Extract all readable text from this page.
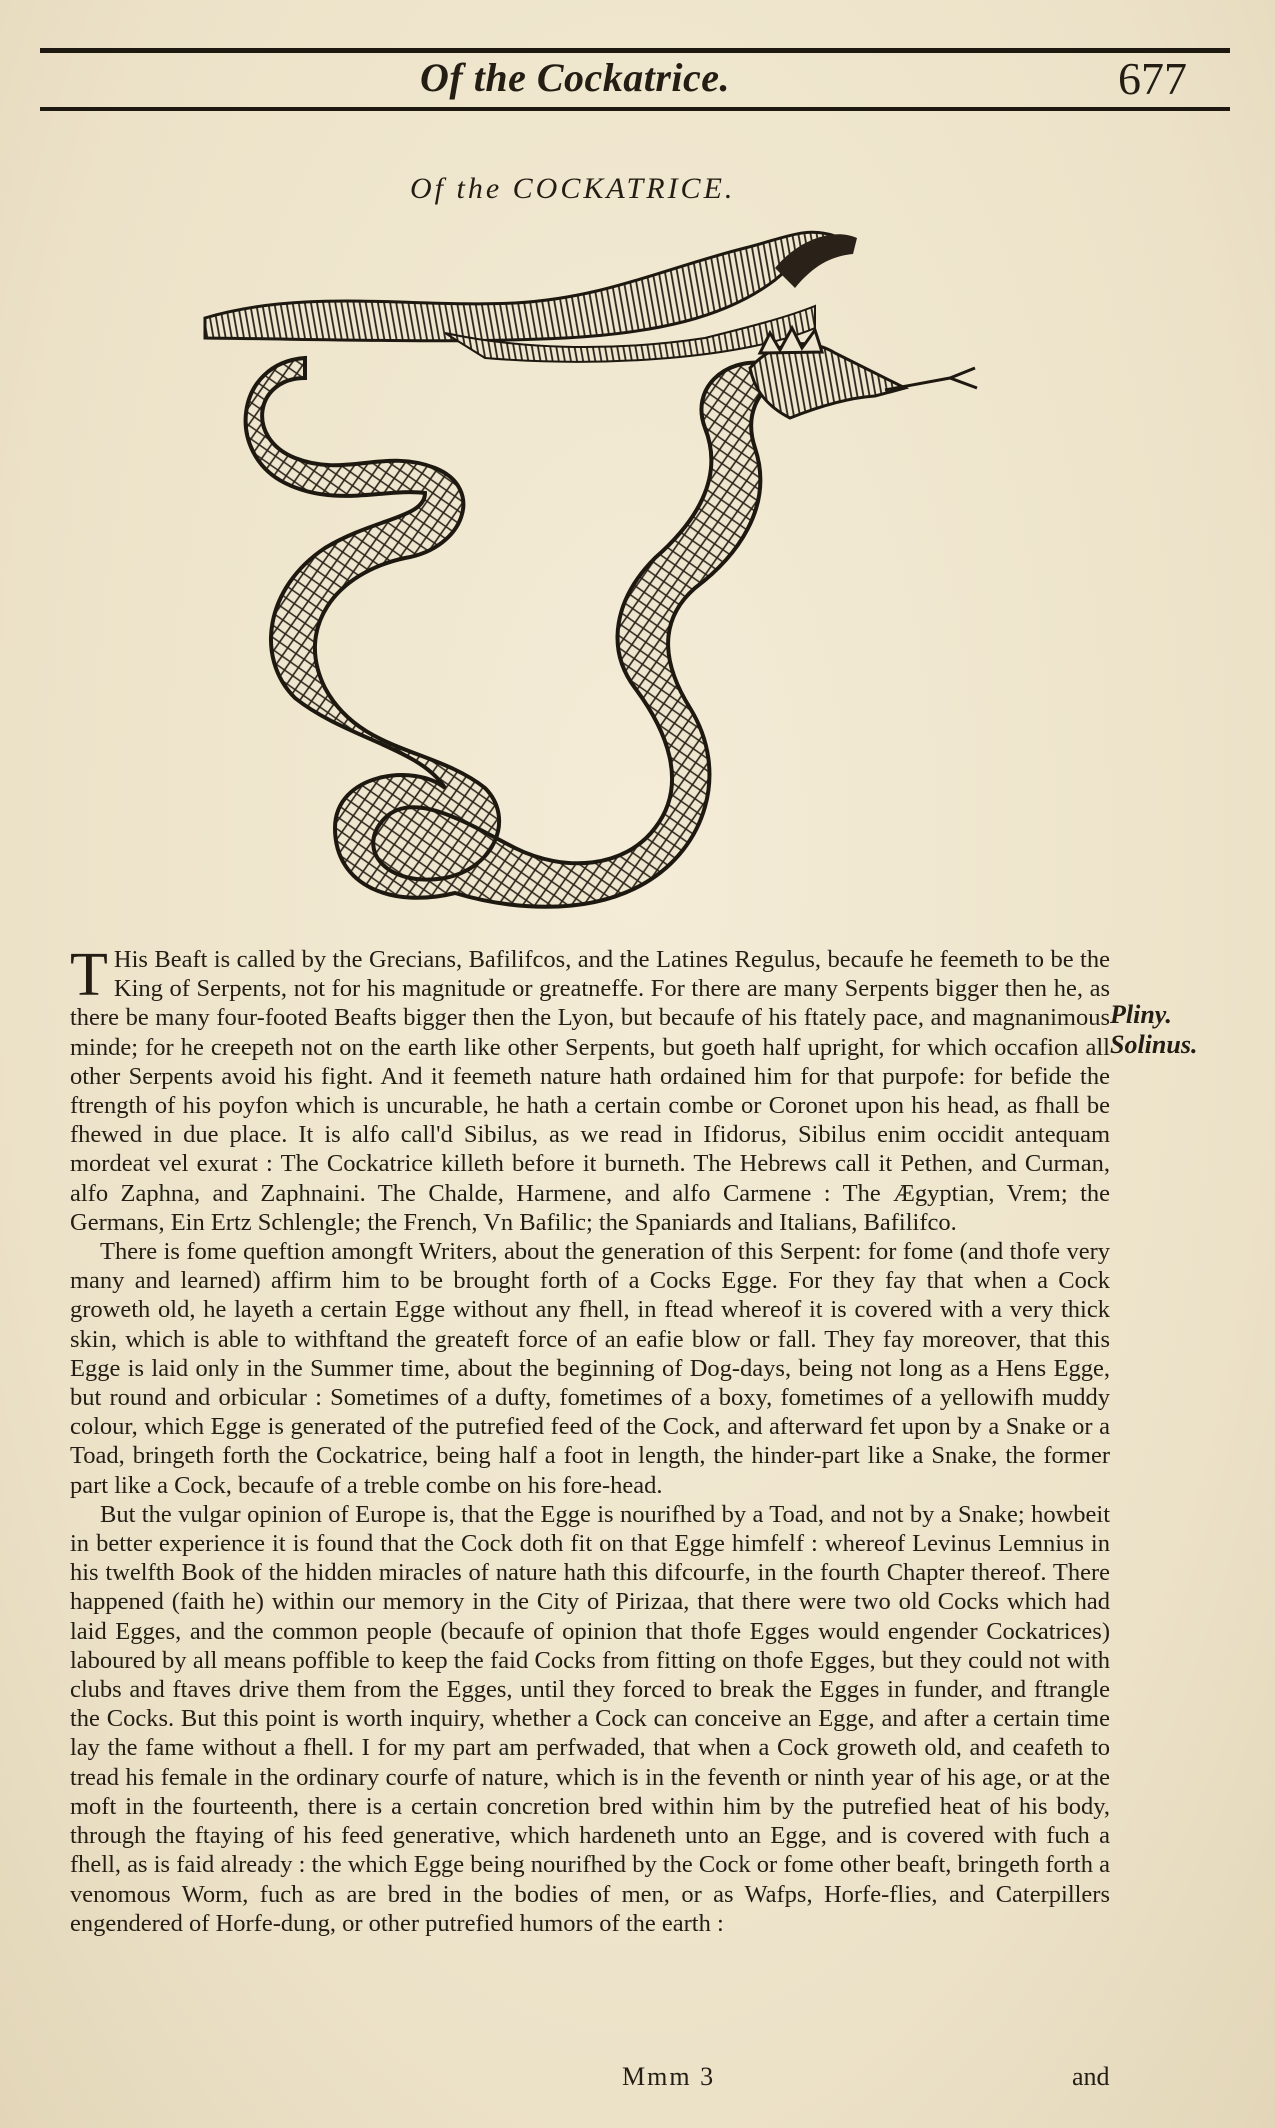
Of the Cockatrice.	677
Of the COCKATRICE.
Pliny.
Solinus.

T His Beaft is called by the Grecians, Bafilifcos, and the Latines Regulus, becaufe he feemeth to be the King of Serpents, not for his magnitude or greatneffe. For there are many Serpents bigger then he, as there be many four-footed Beafts bigger then the Lyon, but becaufe of his ftately pace, and magnanimous minde; for he creepeth not on the earth like other Serpents, but goeth half upright, for which occafion all other Serpents avoid his fight. And it feemeth nature hath ordained him for that purpofe: for befide the ftrength of his poyfon which is uncurable, he hath a certain combe or Coronet upon his head, as fhall be fhewed in due place. It is alfo call'd Sibilus, as we read in Ifidorus, Sibilus enim occidit antequam mordeat vel exurat : The Cockatrice killeth before it burneth. The Hebrews call it Pethen, and Curman, alfo Zaphna, and Zaphnaini. The Chalde, Harmene, and alfo Carmene : The Ægyptian, Vrem; the Germans, Ein Ertz Schlengle; the French, Vn Bafilic; the Spaniards and Italians, Bafilifco.

There is fome queftion amongft Writers, about the generation of this Serpent: for fome (and thofe very many and learned) affirm him to be brought forth of a Cocks Egge. For they fay that when a Cock groweth old, he layeth a certain Egge without any fhell, in ftead whereof it is covered with a very thick skin, which is able to withftand the greateft force of an eafie blow or fall. They fay moreover, that this Egge is laid only in the Summer time, about the beginning of Dog-days, being not long as a Hens Egge, but round and orbicular : Sometimes of a dufty, fometimes of a boxy, fometimes of a yellowifh muddy colour, which Egge is generated of the putrefied feed of the Cock, and afterward fet upon by a Snake or a Toad, bringeth forth the Cockatrice, being half a foot in length, the hinder-part like a Snake, the former part like a Cock, becaufe of a treble combe on his fore-head.

But the vulgar opinion of Europe is, that the Egge is nourifhed by a Toad, and not by a Snake; howbeit in better experience it is found that the Cock doth fit on that Egge himfelf : whereof Levinus Lemnius in his twelfth Book of the hidden miracles of nature hath this difcourfe, in the fourth Chapter thereof. There happened (faith he) within our memory in the City of Pirizaa, that there were two old Cocks which had laid Egges, and the common people (becaufe of opinion that thofe Egges would engender Cockatrices) laboured by all means poffible to keep the faid Cocks from fitting on thofe Egges, but they could not with clubs and ftaves drive them from the Egges, until they forced to break the Egges in funder, and ftrangle the Cocks. But this point is worth inquiry, whether a Cock can conceive an Egge, and after a certain time lay the fame without a fhell. I for my part am perfwaded, that when a Cock groweth old, and ceafeth to tread his female in the ordinary courfe of nature, which is in the feventh or ninth year of his age, or at the moft in the fourteenth, there is a certain concretion bred within him by the putrefied heat of his body, through the ftaying of his feed generative, which hardeneth unto an Egge, and is covered with fuch a fhell, as is faid already : the which Egge being nourifhed by the Cock or fome other beaft, bringeth forth a venomous Worm, fuch as are bred in the bodies of men, or as Wafps, Horfe-flies, and Caterpillers engendered of Horfe-dung, or other putrefied humors of the earth :

Mmm 3	and
